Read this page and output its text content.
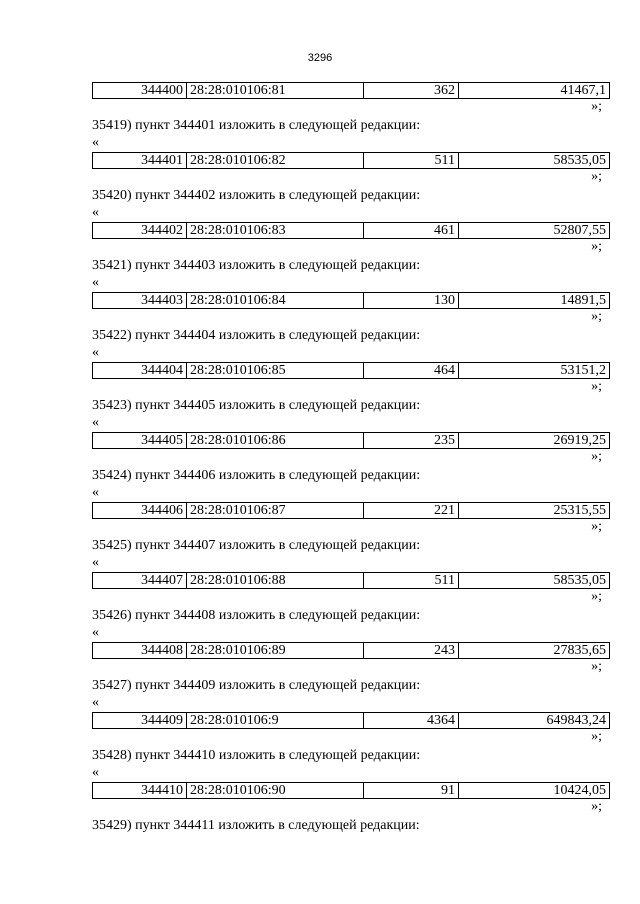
3296
344400	28:28:010106:81	362	41467,1
»;
35419) пункт 344401 изложить в следующей редакции:
«
344401	28:28:010106:82	511	58535,05
»;
35420) пункт 344402 изложить в следующей редакции:
«
344402	28:28:010106:83	461	52807,55
»;
35421) пункт 344403 изложить в следующей редакции:
«
344403	28:28:010106:84	130	14891,5
»;
35422) пункт 344404 изложить в следующей редакции:
«
344404	28:28:010106:85	464	53151,2
»;
35423) пункт 344405 изложить в следующей редакции:
«
344405	28:28:010106:86	235	26919,25
»;
35424) пункт 344406 изложить в следующей редакции:
«
344406	28:28:010106:87	221	25315,55
»;
35425) пункт 344407 изложить в следующей редакции:
«
344407	28:28:010106:88	511	58535,05
»;
35426) пункт 344408 изложить в следующей редакции:
«
344408	28:28:010106:89	243	27835,65
»;
35427) пункт 344409 изложить в следующей редакции:
«
344409	28:28:010106:9	4364	649843,24
»;
35428) пункт 344410 изложить в следующей редакции:
«
344410	28:28:010106:90	91	10424,05
»;
35429) пункт 344411 изложить в следующей редакции:
